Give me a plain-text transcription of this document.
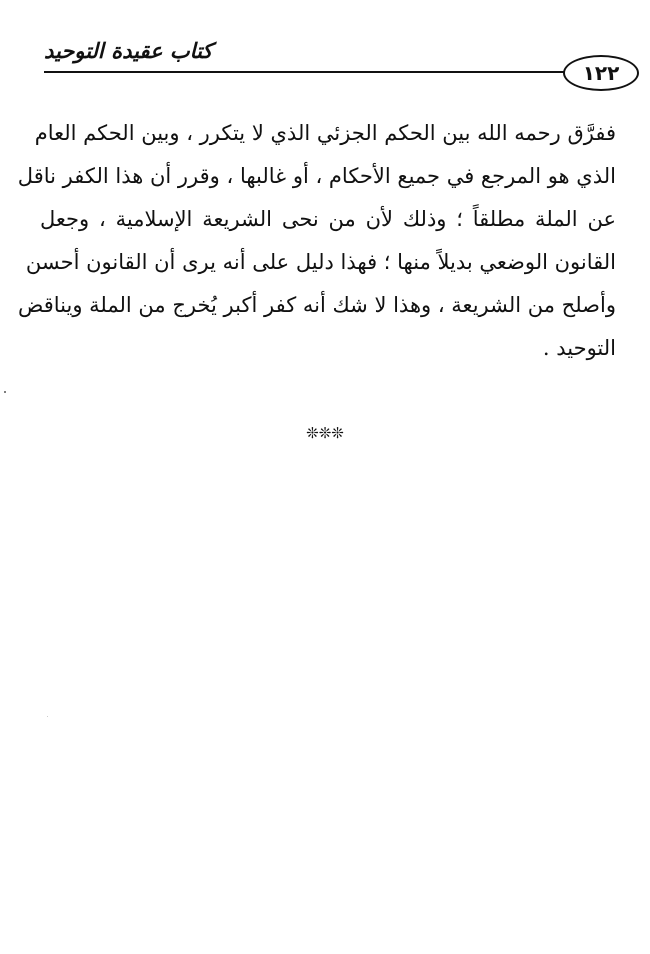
كتاب عقيدة التوحيد
١٢٢
ففرَّق رحمه الله بين الحكم الجزئي الذي لا يتكرر ، وبين الحكم العام
الذي هو المرجع في جميع الأحكام ، أو غالبها ، وقرر أن هذا الكفر ناقل
عن الملة مطلقاً ؛ وذلك لأن من نحى الشريعة الإسلامية ، وجعل
القانون الوضعي بديلاً منها ؛ فهذا دليل على أنه يرى أن القانون أحسن
وأصلح من الشريعة ، وهذا لا شك أنه كفر أكبر يُخرج من الملة ويناقض
التوحيد .
❊❊❊
